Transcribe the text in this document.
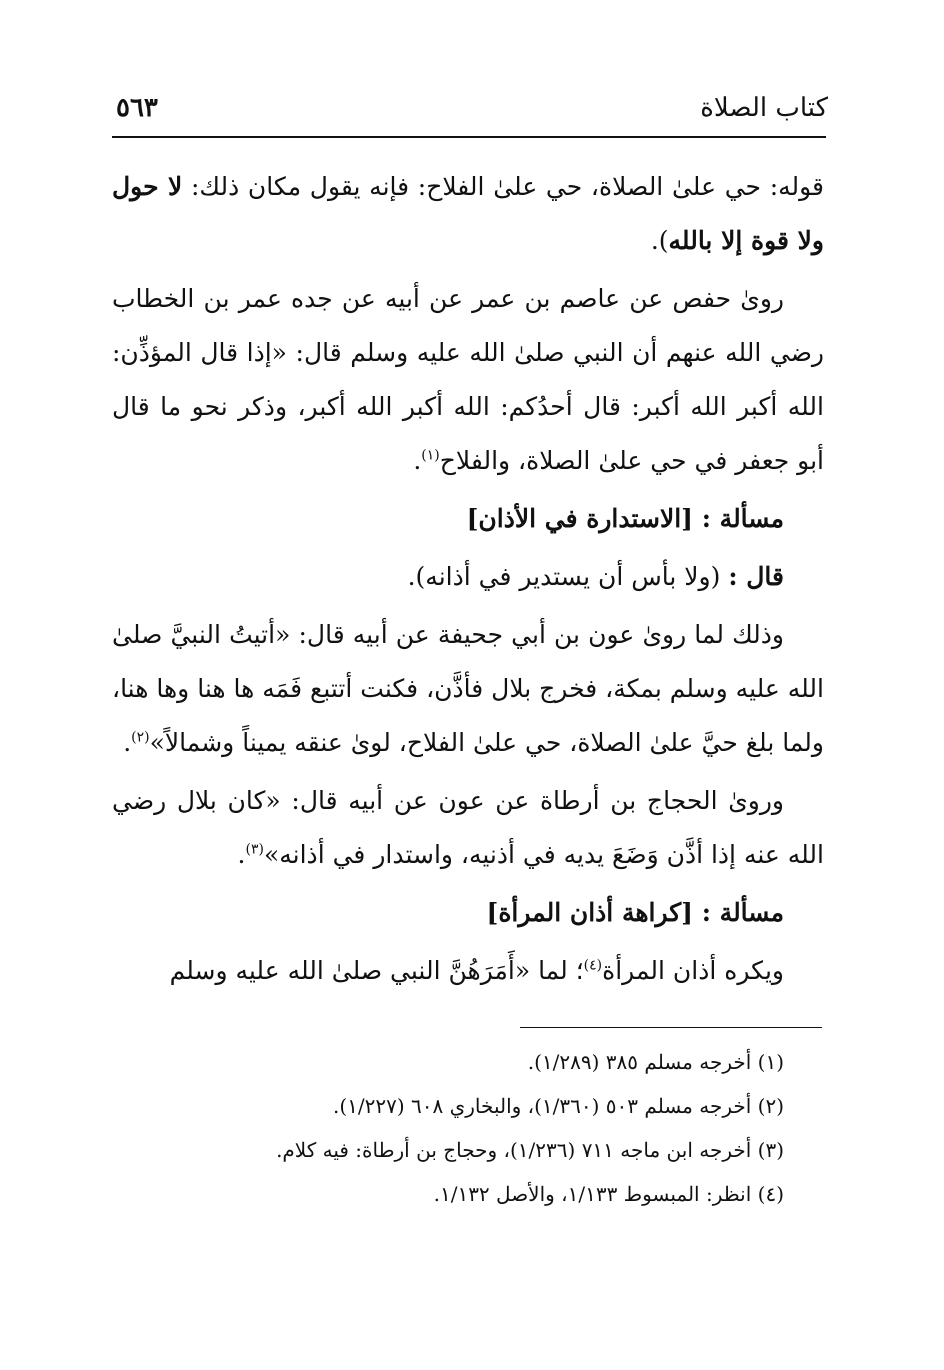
كتاب الصلاة
٥٦٣

قوله: حي علىٰ الصلاة، حي علىٰ الفلاح: فإنه يقول مكان ذلك: لا حول ولا قوة إلا بالله).

رویٰ حفص عن عاصم بن عمر عن أبيه عن جده عمر بن الخطاب رضي الله عنهم أن النبي صلىٰ الله عليه وسلم قال: «إذا قال المؤذِّن: الله أكبر الله أكبر: قال أحدُكم: الله أكبر الله أكبر، وذكر نحو ما قال أبو جعفر في حي علىٰ الصلاة، والفلاح$^{(١)}$.

مسألة : [الاستدارة في الأذان]

قال : (ولا بأس أن يستدير في أذانه).

وذلك لما روىٰ عون بن أبي جحيفة عن أبيه قال: «أتيتُ النبيَّ صلىٰ الله عليه وسلم بمكة، فخرج بلال فأذَّن، فكنت أتتبع فَمَه ها هنا وها هنا، ولما بلغ حيَّ علىٰ الصلاة، حي علىٰ الفلاح، لوىٰ عنقه يميناً وشمالاً»$^{(٢)}$.

ورویٰ الحجاج بن أرطاة عن عون عن أبيه قال: «كان بلال رضي الله عنه إذا أذَّن وَضَعَ يديه في أذنيه، واستدار في أذانه»$^{(٣)}$.

مسألة : [كراهة أذان المرأة]

ويكره أذان المرأة$^{(٤)}$؛ لما «أَمَرَهُنَّ النبي صلىٰ الله عليه وسلم

(١) أخرجه مسلم ٣٨٥ (١/٢٨٩).

(٢) أخرجه مسلم ٥٠٣ (١/٣٦٠)، والبخاري ٦٠٨ (١/٢٢٧).

(٣) أخرجه ابن ماجه ٧١١ (١/٢٣٦)، وحجاج بن أرطاة: فيه كلام.

(٤) انظر: المبسوط ١/١٣٣، والأصل ١/١٣٢.
